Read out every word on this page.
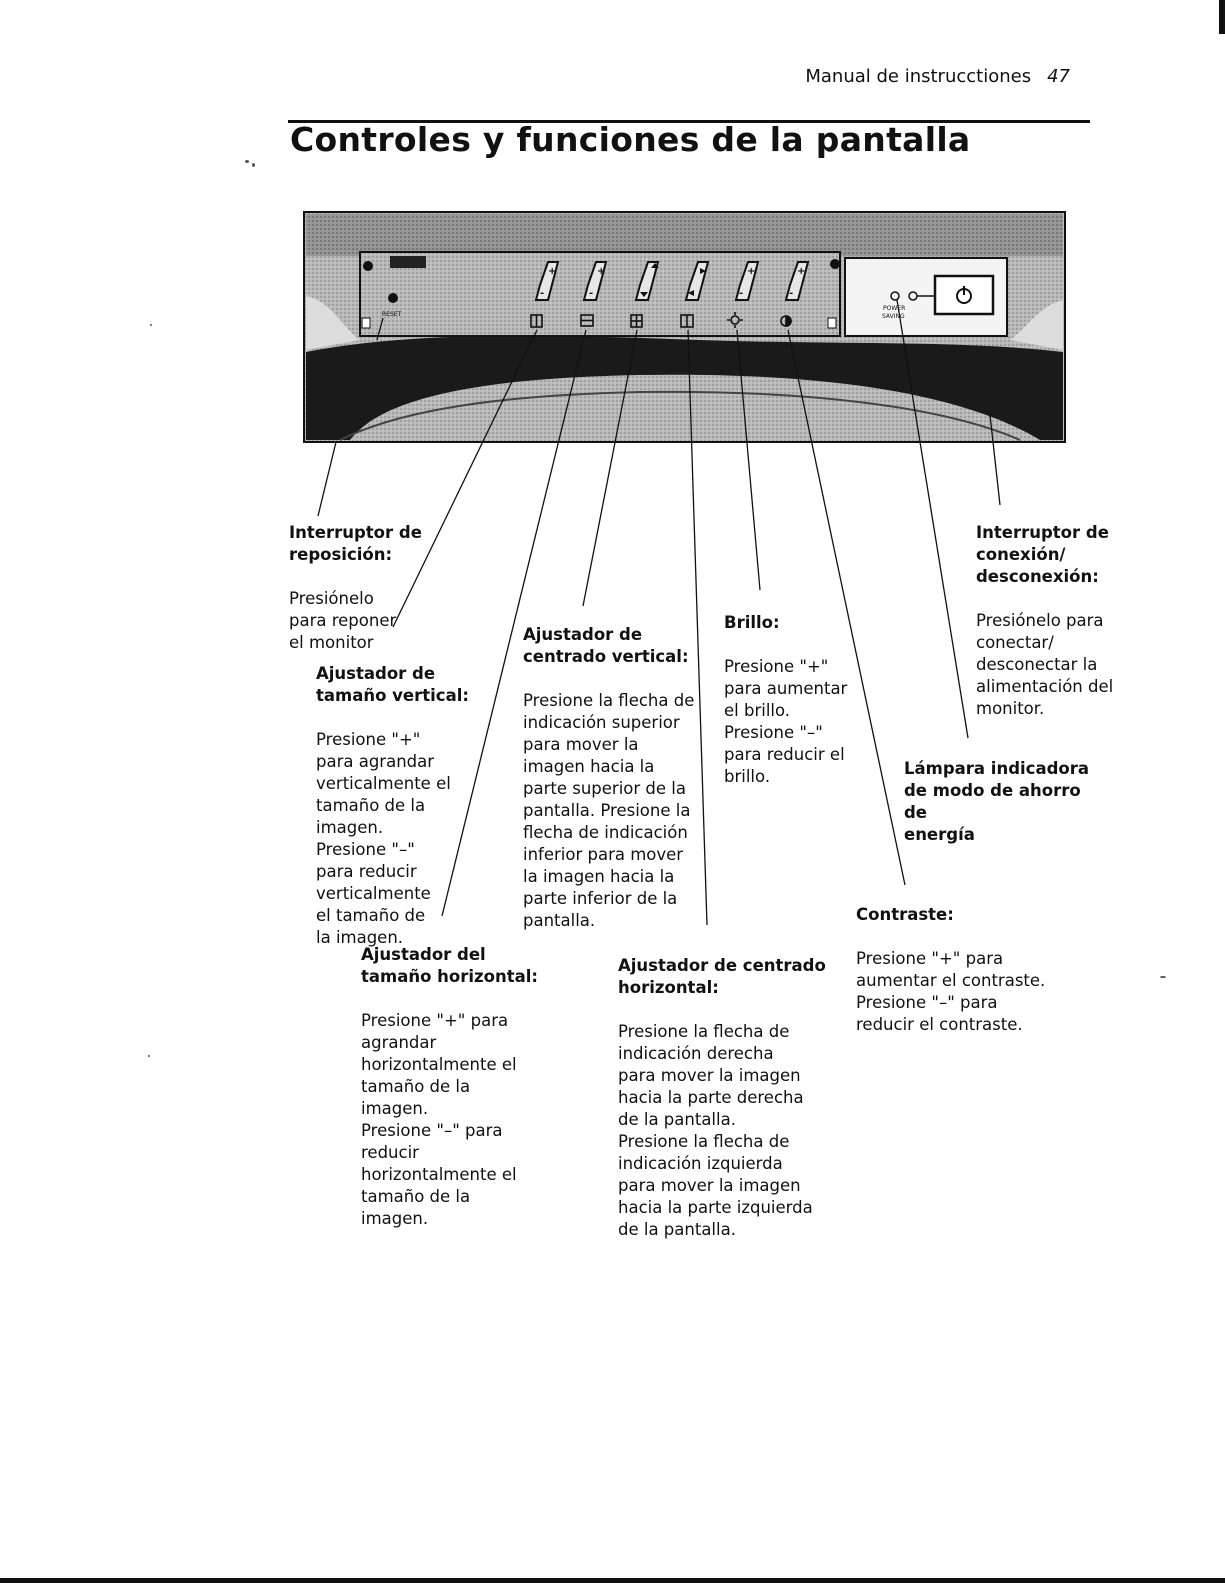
Manual de instrucctiones 47
Controles y funciones de la pantalla
RESET
+
-
+
-
+
-
+
-
POWER
SAVING

Interruptor de
reposición:

Presiónelo
para reponer
el monitor

Ajustador de
tamaño vertical:

Presione "+"
para agrandar
verticalmente el
tamaño de la
imagen.
Presione "–"
para reducir
verticalmente
el tamaño de
la imagen.

Ajustador del
tamaño horizontal:

Presione "+" para
agrandar
horizontalmente el
tamaño de la
imagen.
Presione "–" para
reducir
horizontalmente el
tamaño de la
imagen.

Ajustador de
centrado vertical:

Presione la flecha de
indicación superior
para mover la
imagen hacia la
parte superior de la
pantalla. Presione la
flecha de indicación
inferior para mover
la imagen hacia la
parte inferior de la
pantalla.

Ajustador de centrado
horizontal:

Presione la flecha de
indicación derecha
para mover la imagen
hacia la parte derecha
de la pantalla.
Presione la flecha de
indicación izquierda
para mover la imagen
hacia la parte izquierda
de la pantalla.

Brillo:

Presione "+"
para aumentar
el brillo.
Presione "–"
para reducir el
brillo.

Contraste:

Presione "+" para
aumentar el contraste.
Presione "–" para
reducir el contraste.

Interruptor de
conexión/
desconexión:

Presiónelo para
conectar/
desconectar la
alimentación del
monitor.

Lámpara indicadora
de modo de ahorro de
energía
